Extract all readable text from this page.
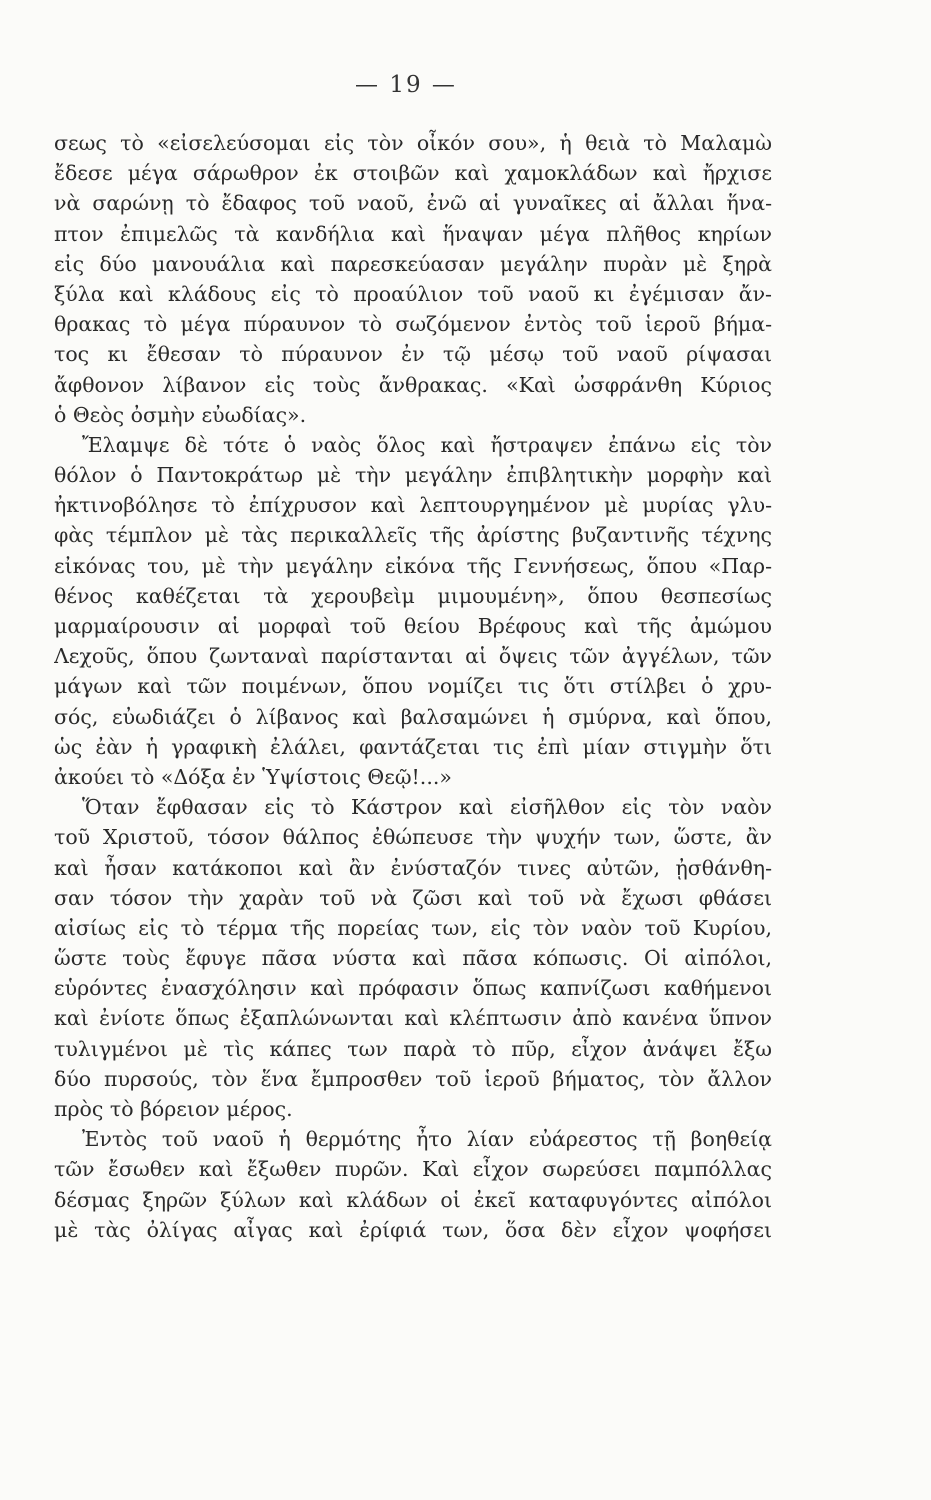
— 19 —
σεως τὸ «εἰσελεύσομαι εἰς τὸν οἶκόν σου», ἡ θειὰ τὸ Μαλαμὼ
ἔδεσε μέγα σάρωθρον ἐκ στοιβῶν καὶ χαμοκλάδων καὶ ἤρχισε
νὰ σαρώνῃ τὸ ἔδαφος τοῦ ναοῦ, ἐνῶ αἱ γυναῖκες αἱ ἄλλαι ἥνα-
πτον ἐπιμελῶς τὰ κανδήλια καὶ ἥναψαν μέγα πλῆθος κηρίων
εἰς δύο μανουάλια καὶ παρεσκεύασαν μεγάλην πυρὰν μὲ ξηρὰ
ξύλα καὶ κλάδους εἰς τὸ προαύλιον τοῦ ναοῦ κι ἐγέμισαν ἄν-
θρακας τὸ μέγα πύραυνον τὸ σωζόμενον ἐντὸς τοῦ ἱεροῦ βήμα-
τος κι ἔθεσαν τὸ πύραυνον ἐν τῷ μέσῳ τοῦ ναοῦ ρίψασαι
ἄφθονον λίβανον εἰς τοὺς ἄνθρακας. «Καὶ ὠσφράνθη Κύριος
ὁ Θεὸς ὀσμὴν εὐωδίας».
Ἔλαμψε δὲ τότε ὁ ναὸς ὅλος καὶ ἤστραψεν ἐπάνω εἰς τὸν
θόλον ὁ Παντοκράτωρ μὲ τὴν μεγάλην ἐπιβλητικὴν μορφὴν καὶ
ἠκτινοβόλησε τὸ ἐπίχρυσον καὶ λεπτουργημένον μὲ μυρίας γλυ-
φὰς τέμπλον μὲ τὰς περικαλλεῖς τῆς ἀρίστης βυζαντινῆς τέχνης
εἰκόνας του, μὲ τὴν μεγάλην εἰκόνα τῆς Γεννήσεως, ὅπου «Παρ-
θένος καθέζεται τὰ χερουβεὶμ μιμουμένη», ὅπου θεσπεσίως
μαρμαίρουσιν αἱ μορφαὶ τοῦ θείου Βρέφους καὶ τῆς ἀμώμου
Λεχοῦς, ὅπου ζωνταναὶ παρίστανται αἱ ὄψεις τῶν ἀγγέλων, τῶν
μάγων καὶ τῶν ποιμένων, ὅπου νομίζει τις ὅτι στίλβει ὁ χρυ-
σός, εὐωδιάζει ὁ λίβανος καὶ βαλσαμώνει ἡ σμύρνα, καὶ ὅπου,
ὡς ἐὰν ἡ γραφικὴ ἐλάλει, φαντάζεται τις ἐπὶ μίαν στιγμὴν ὅτι
ἀκούει τὸ «Δόξα ἐν Ὑψίστοις Θεῷ!...»
Ὅταν ἔφθασαν εἰς τὸ Κάστρον καὶ εἰσῆλθον εἰς τὸν ναὸν
τοῦ Χριστοῦ, τόσον θάλπος ἐθώπευσε τὴν ψυχήν των, ὥστε, ἂν
καὶ ἦσαν κατάκοποι καὶ ἂν ἐνύσταζόν τινες αὐτῶν, ᾐσθάνθη-
σαν τόσον τὴν χαρὰν τοῦ νὰ ζῶσι καὶ τοῦ νὰ ἔχωσι φθάσει
αἰσίως εἰς τὸ τέρμα τῆς πορείας των, εἰς τὸν ναὸν τοῦ Κυρίου,
ὥστε τοὺς ἔφυγε πᾶσα νύστα καὶ πᾶσα κόπωσις. Οἱ αἰπόλοι,
εὑρόντες ἐνασχόλησιν καὶ πρόφασιν ὅπως καπνίζωσι καθήμενοι
καὶ ἐνίοτε ὅπως ἐξαπλώνωνται καὶ κλέπτωσιν ἀπὸ κανένα ὕπνον
τυλιγμένοι μὲ τὶς κάπες των παρὰ τὸ πῦρ, εἶχον ἀνάψει ἔξω
δύο πυρσούς, τὸν ἕνα ἔμπροσθεν τοῦ ἱεροῦ βήματος, τὸν ἄλλον
πρὸς τὸ βόρειον μέρος.
Ἐντὸς τοῦ ναοῦ ἡ θερμότης ἦτο λίαν εὐάρεστος τῇ βοηθείᾳ
τῶν ἔσωθεν καὶ ἔξωθεν πυρῶν. Καὶ εἶχον σωρεύσει παμπόλλας
δέσμας ξηρῶν ξύλων καὶ κλάδων οἱ ἐκεῖ καταφυγόντες αἰπόλοι
μὲ τὰς ὀλίγας αἶγας καὶ ἐρίφιά των, ὅσα δὲν εἶχον ψοφήσει
